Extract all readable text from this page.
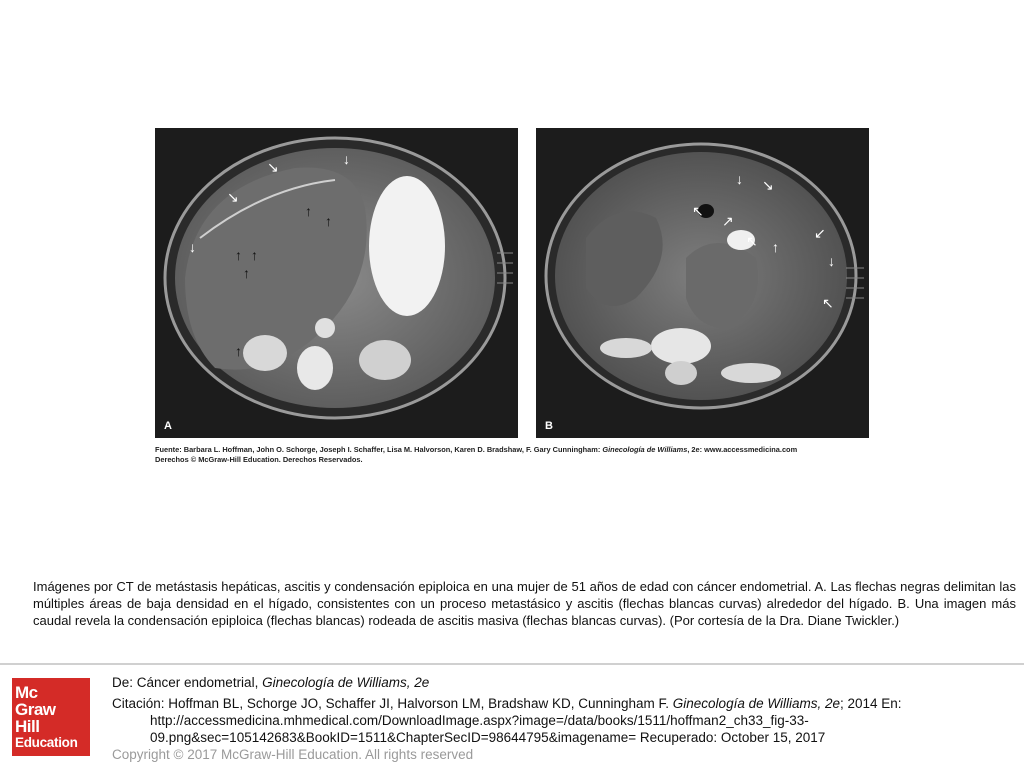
↑
↑
↑ ↑
↑
↑
↘	↓
↘
↓
A
↖
↗
↖ ↑
↓ ↘
↙
↓
↖
B
Fuente: Barbara L. Hoffman, John O. Schorge, Joseph I. Schaffer, Lisa M. Halvorson, Karen D. Bradshaw, F. Gary Cunningham: Ginecología de Williams, 2e: www.accessmedicina.com
Derechos © McGraw-Hill Education. Derechos Reservados.
Imágenes por CT de metástasis hepáticas, ascitis y condensación epiploica en una mujer de 51 años de edad con cáncer endometrial. A. Las flechas negras delimitan las múltiples áreas de baja densidad en el hígado, consistentes con un proceso metastásico y ascitis (flechas blancas curvas) alrededor del hígado. B. Una imagen más caudal revela la condensación epiploica (flechas blancas) rodeada de ascitis masiva (flechas blancas curvas). (Por cortesía de la Dra. Diane Twickler.)
Mc
Graw
Hill
Education
De: Cáncer endometrial, Ginecología de Williams, 2e
Citación: Hoffman BL, Schorge JO, Schaffer JI, Halvorson LM, Bradshaw KD, Cunningham F. Ginecología de Williams, 2e; 2014 En:
http://accessmedicina.mhmedical.com/DownloadImage.aspx?image=/data/books/1511/hoffman2_ch33_fig-33-
09.png&sec=105142683&BookID=1511&ChapterSecID=98644795&imagename= Recuperado: October 15, 2017
Copyright © 2017 McGraw-Hill Education. All rights reserved
